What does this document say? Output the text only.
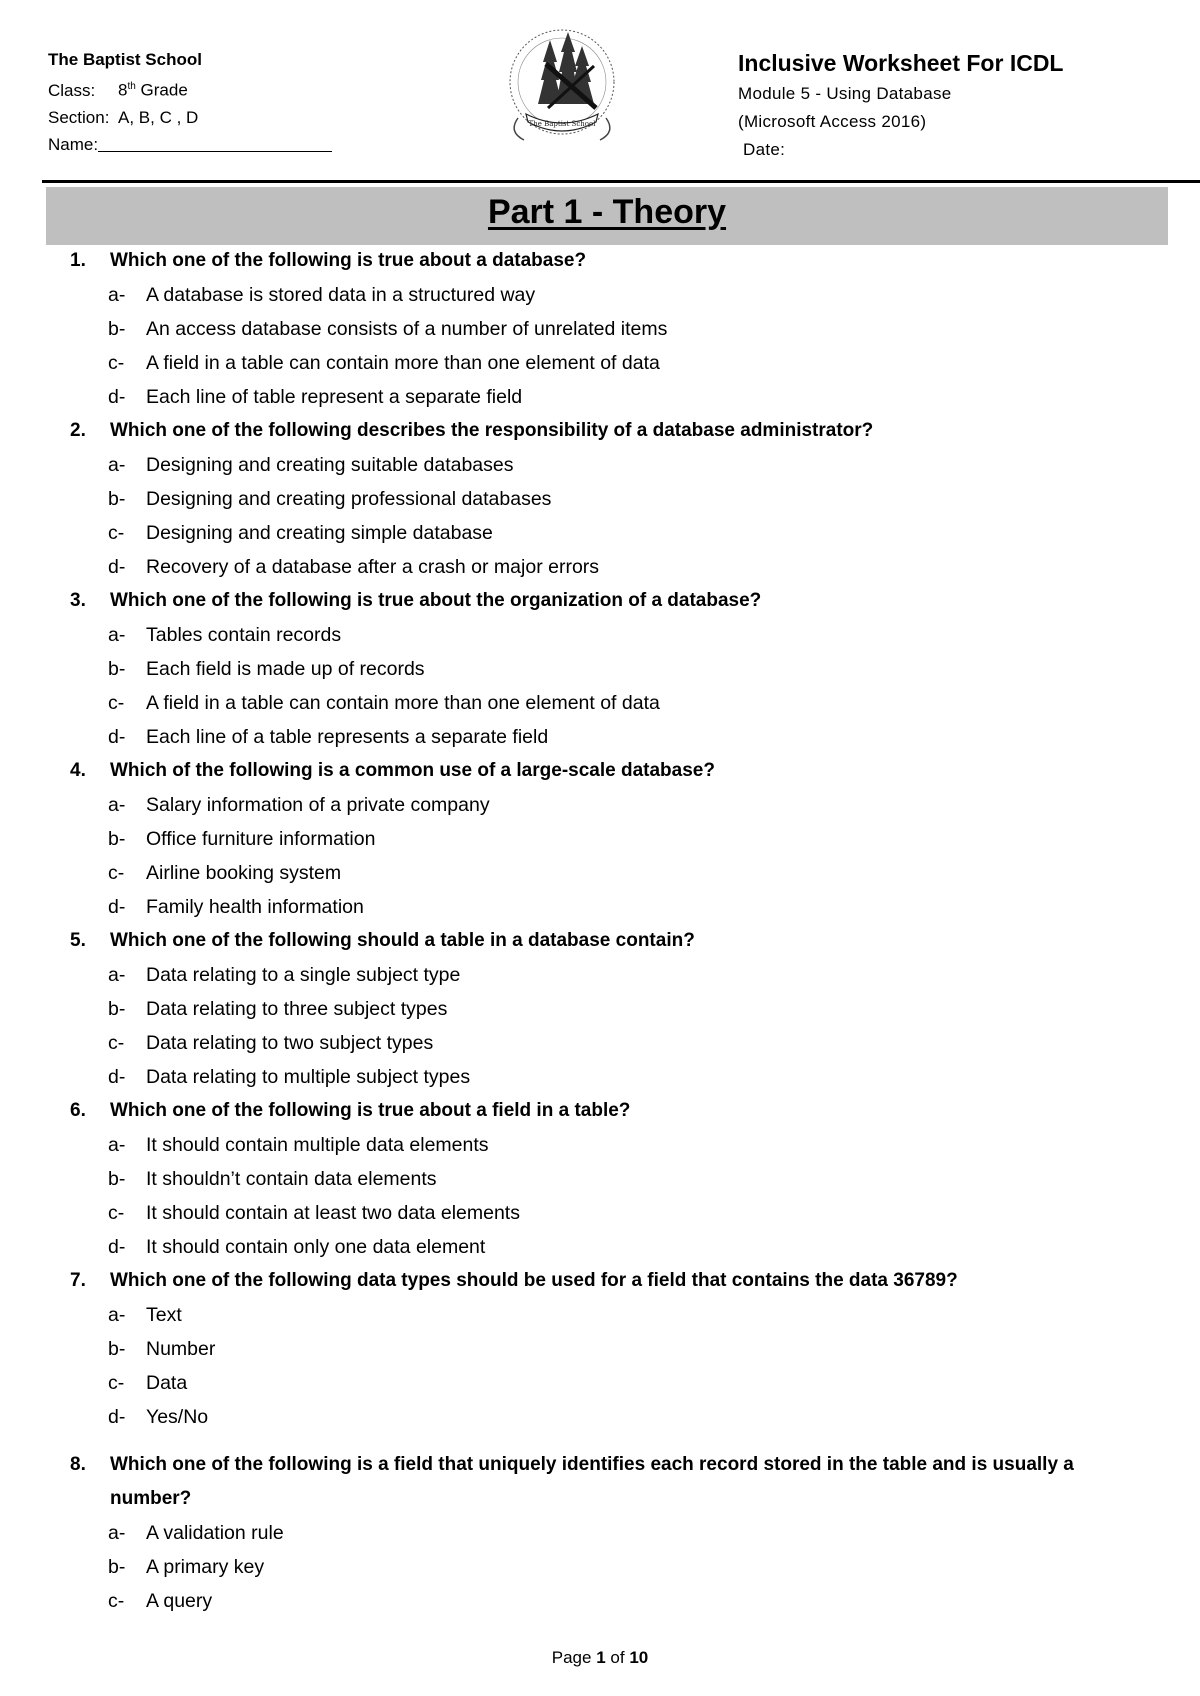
The Baptist School
Class: 8th Grade
Section: A, B, C , D
Name:
The Baptist School
Inclusive Worksheet For ICDL
Module 5 - Using Database
(Microsoft Access 2016)
Date:
Part 1 - Theory
1.	Which one of the following is true about a database?
a-	A database is stored data in a structured way
b-	An access database consists of a number of unrelated items
c-	A field in a table can contain more than one element of data
d-	Each line of table represent a separate field
2.	Which one of the following describes the responsibility of a database administrator?
a-	Designing and creating suitable databases
b-	Designing and creating professional databases
c-	Designing and creating simple database
d-	Recovery of a database after a crash or major errors
3.	Which one of the following is true about the organization of a database?
a-	Tables contain records
b-	Each field is made up of records
c-	A field in a table can contain more than one element of data
d-	Each line of a table represents a separate field
4.	Which of the following is a common use of a large-scale database?
a-	Salary information of a private company
b-	Office furniture information
c-	Airline booking system
d-	Family health information
5.	Which one of the following should a table in a database contain?
a-	Data relating to a single subject type
b-	Data relating to three subject types
c-	Data relating to two subject types
d-	Data relating to multiple subject types
6.	Which one of the following is true about a field in a table?
a-	It should contain multiple data elements
b-	It shouldn’t contain data elements
c-	It should contain at least two data elements
d-	It should contain only one data element
7.	Which one of the following data types should be used for a field that contains the data 36789?
a-	Text
b-	Number
c-	Data
d-	Yes/No
8.	Which one of the following is a field that uniquely identifies each record stored in the table and is usually a number?
a-	A validation rule
b-	A primary key
c-	A query
Page 1 of 10
